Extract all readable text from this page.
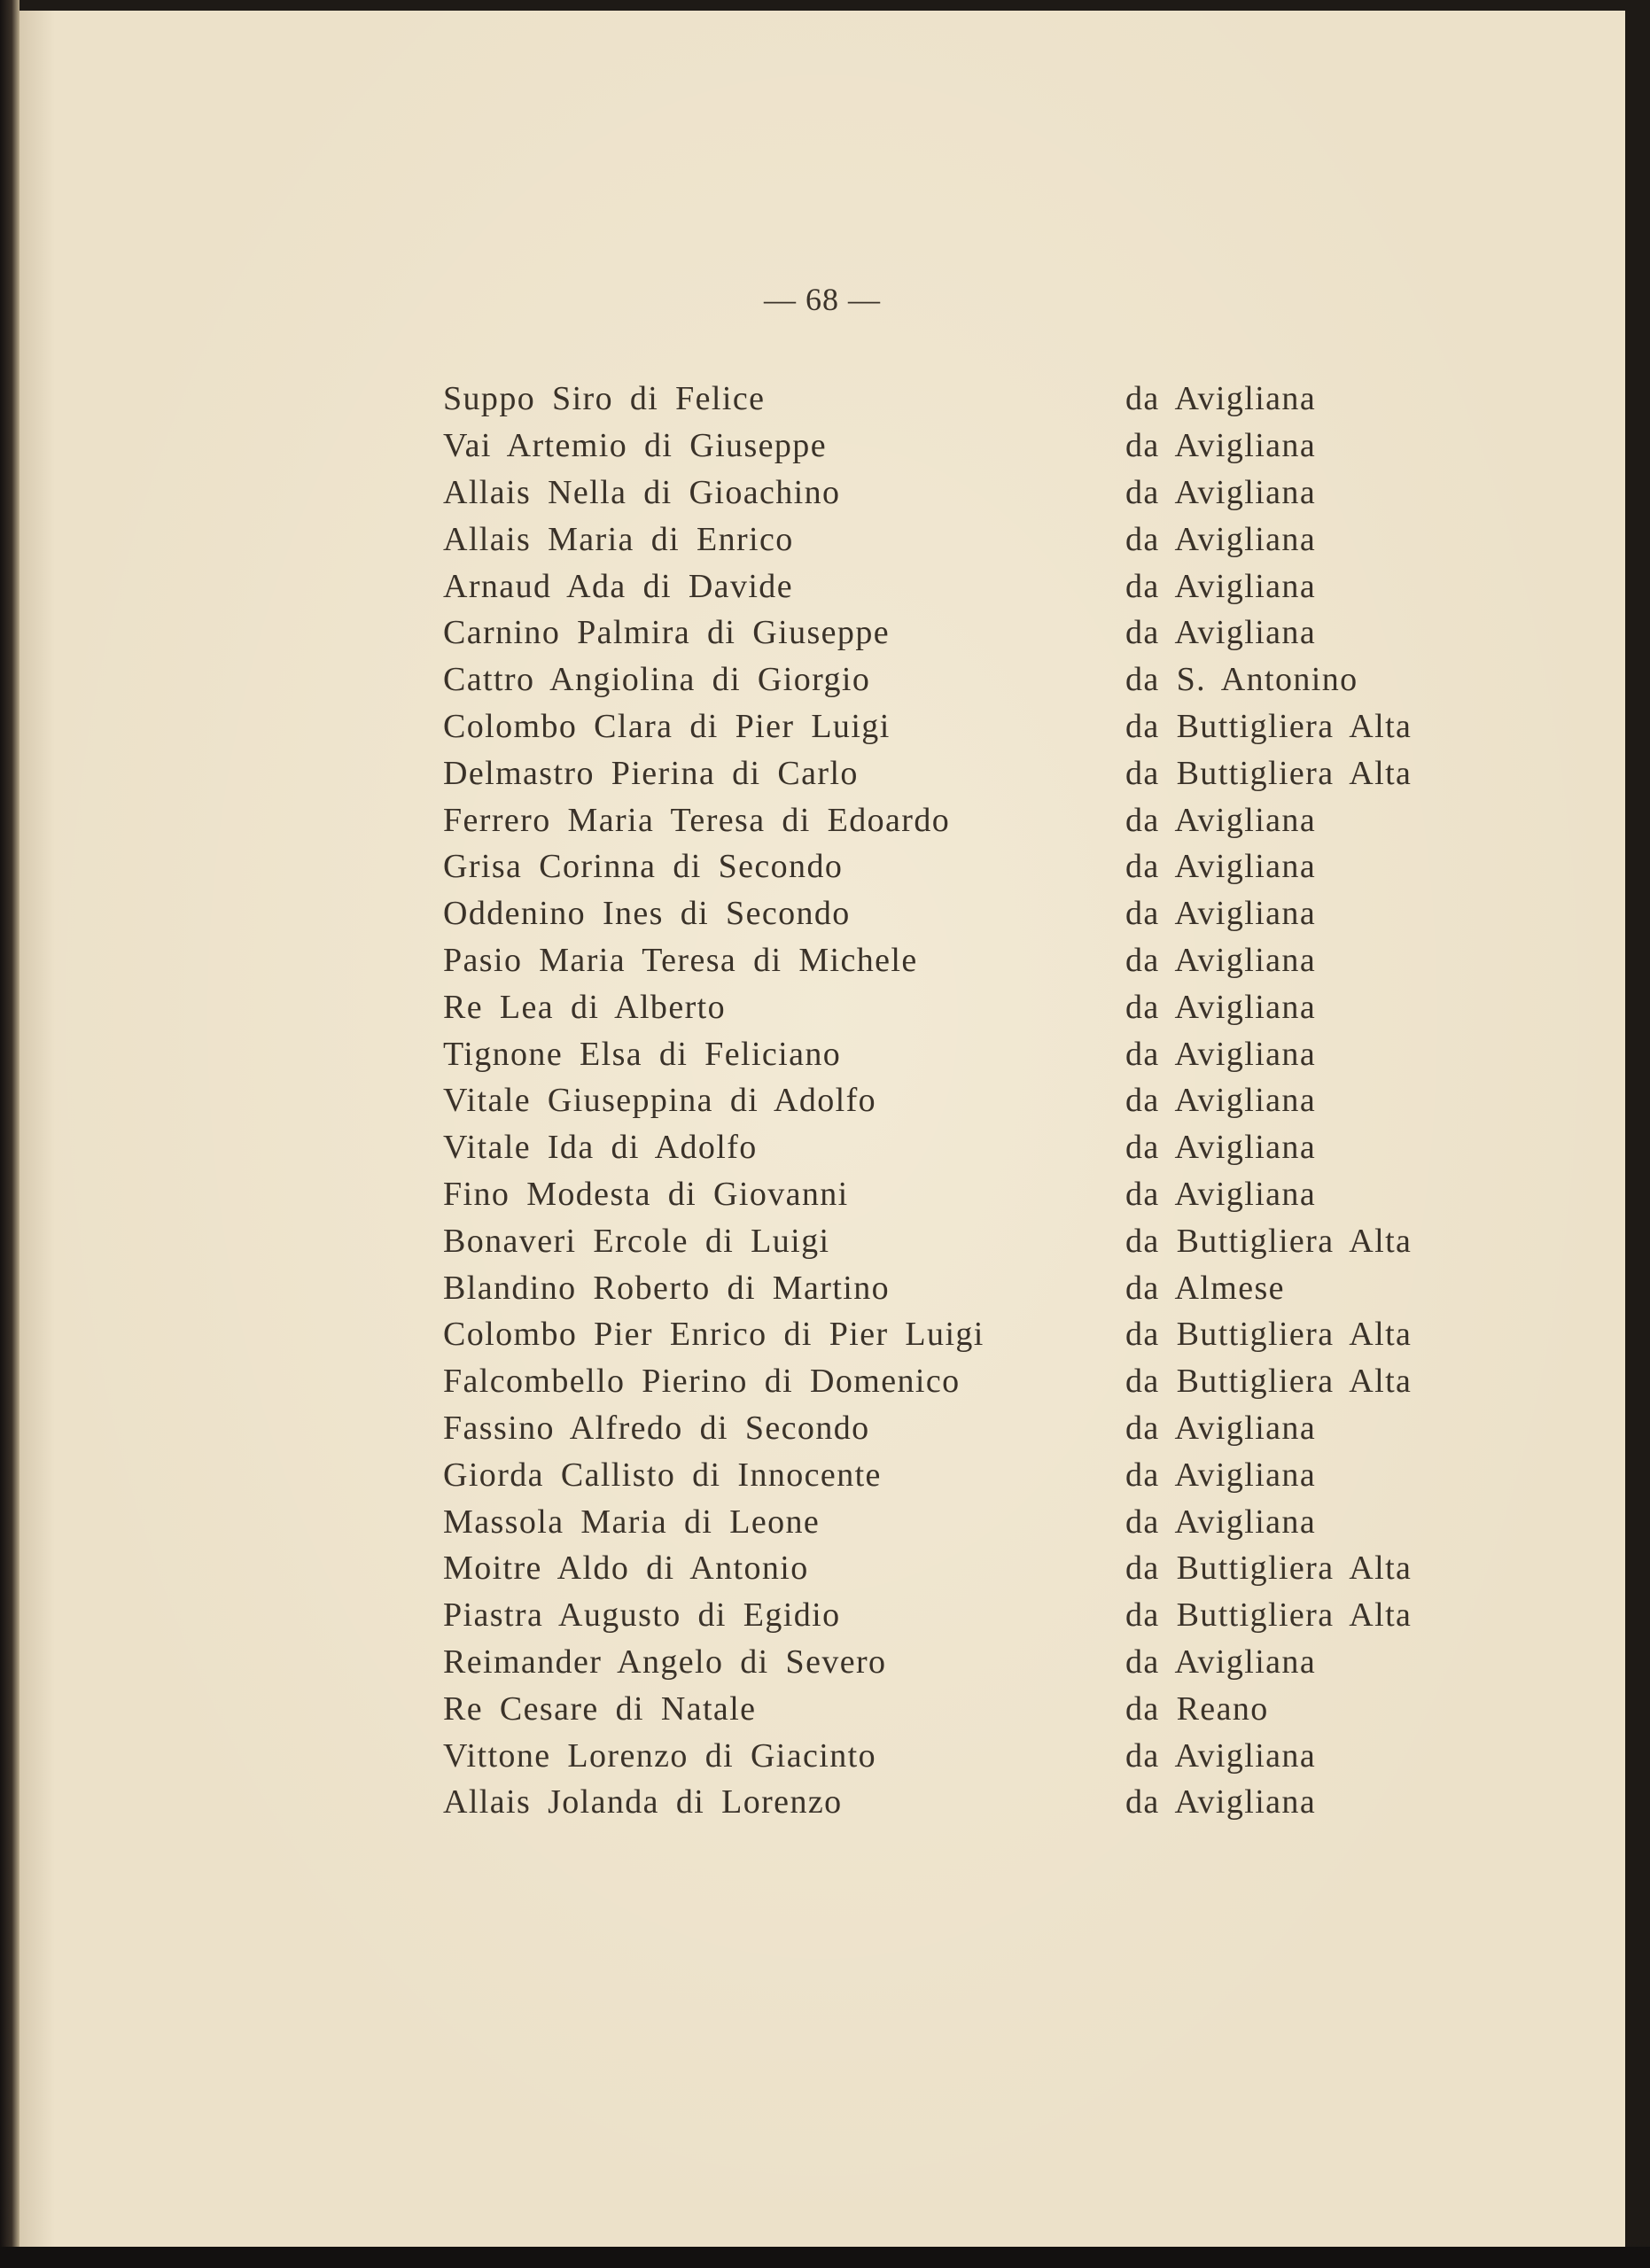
— 68 —
Suppo Siro di Felice	da Avigliana
Vai Artemio di Giuseppe	da Avigliana
Allais Nella di Gioachino	da Avigliana
Allais Maria di Enrico	da Avigliana
Arnaud Ada di Davide	da Avigliana
Carnino Palmira di Giuseppe	da Avigliana
Cattro Angiolina di Giorgio	da S. Antonino
Colombo Clara di Pier Luigi	da Buttigliera Alta
Delmastro Pierina di Carlo	da Buttigliera Alta
Ferrero Maria Teresa di Edoardo	da Avigliana
Grisa Corinna di Secondo	da Avigliana
Oddenino Ines di Secondo	da Avigliana
Pasio Maria Teresa di Michele	da Avigliana
Re Lea di Alberto	da Avigliana
Tignone Elsa di Feliciano	da Avigliana
Vitale Giuseppina di Adolfo	da Avigliana
Vitale Ida di Adolfo	da Avigliana
Fino Modesta di Giovanni	da Avigliana
Bonaveri Ercole di Luigi	da Buttigliera Alta
Blandino Roberto di Martino	da Almese
Colombo Pier Enrico di Pier Luigi	da Buttigliera Alta
Falcombello Pierino di Domenico	da Buttigliera Alta
Fassino Alfredo di Secondo	da Avigliana
Giorda Callisto di Innocente	da Avigliana
Massola Maria di Leone	da Avigliana
Moitre Aldo di Antonio	da Buttigliera Alta
Piastra Augusto di Egidio	da Buttigliera Alta
Reimander Angelo di Severo	da Avigliana
Re Cesare di Natale	da Reano
Vittone Lorenzo di Giacinto	da Avigliana
Allais Jolanda di Lorenzo	da Avigliana
